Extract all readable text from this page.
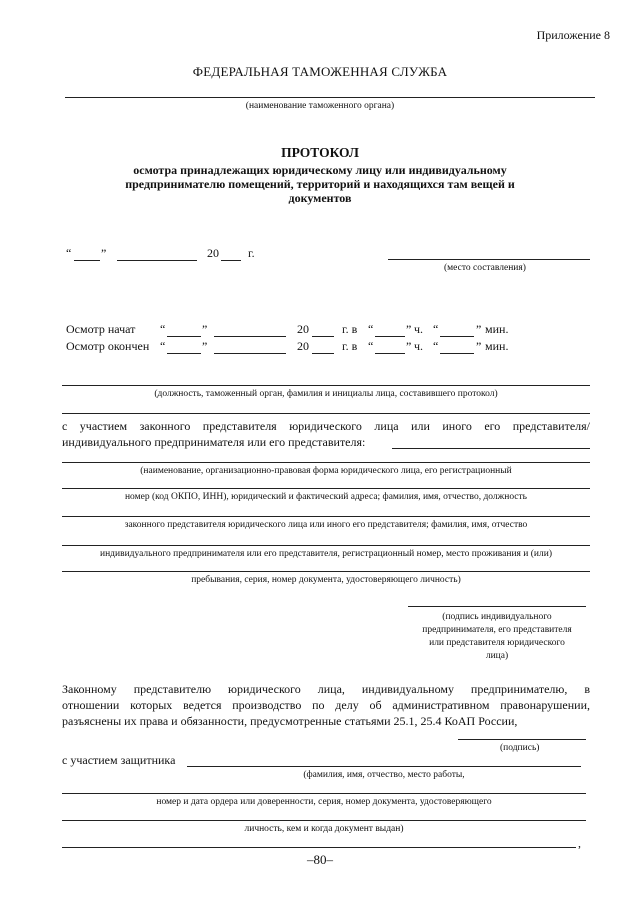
Приложение 8
ФЕДЕРАЛЬНАЯ ТАМОЖЕННАЯ СЛУЖБА
(наименование таможенного органа)
ПРОТОКОЛ
осмотра принадлежащих юридическому лицу или индивидуальному
предпринимателю помещений, территорий и находящихся там вещей и
документов
“ ”	20 г.
(место составления)
Осмотр начат “	”	20	г. в “	” ч. “	” мин.
Осмотр окончен “	”	20	г. в “	” ч. “	” мин.
(должность, таможенный орган, фамилия и инициалы лица, составившего протокол)
с участием законного представителя юридического лица или иного его представителя/
индивидуального предпринимателя или его представителя:
(наименование, организационно-правовая форма юридического лица, его регистрационный
номер (код ОКПО, ИНН), юридический и фактический адреса; фамилия, имя, отчество, должность
законного представителя юридического лица или иного его представителя; фамилия, имя, отчество
индивидуального предпринимателя или его представителя, регистрационный номер, место проживания и (или)
пребывания, серия, номер документа, удостоверяющего личность)
(подпись индивидуального
предпринимателя, его представителя
или представителя юридического
лица)
Законному представителю юридического лица, индивидуальному предпринимателю, в
отношении которых ведется производство по делу об административном правонарушении,
разъяснены их права и обязанности, предусмотренные статьями 25.1, 25.4 КоАП России,
(подпись)
с участием защитника
(фамилия, имя, отчество, место работы,
номер и дата ордера или доверенности, серия, номер документа, удостоверяющего
личность, кем и когда документ выдан)
,
–80–
